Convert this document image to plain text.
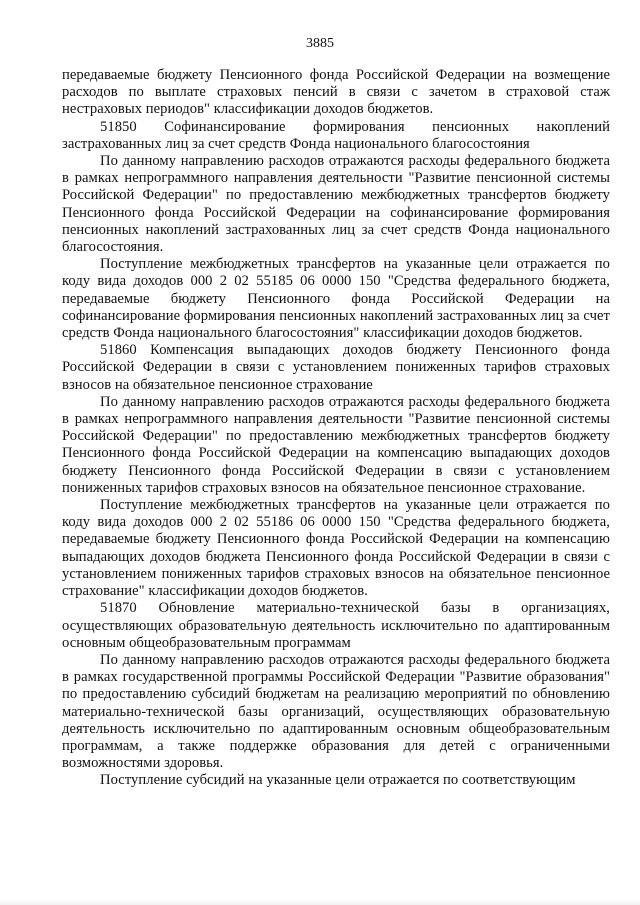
3885

передаваемые бюджету Пенсионного фонда Российской Федерации на возмещение расходов по выплате страховых пенсий в связи с зачетом в страховой стаж нестраховых периодов" классификации доходов бюджетов.

51850 Софинансирование формирования пенсионных накоплений застрахованных лиц за счет средств Фонда национального благосостояния

По данному направлению расходов отражаются расходы федерального бюджета в рамках непрограммного направления деятельности "Развитие пенсионной системы Российской Федерации" по предоставлению межбюджетных трансфертов бюджету Пенсионного фонда Российской Федерации на софинансирование формирования пенсионных накоплений застрахованных лиц за счет средств Фонда национального благосостояния.

Поступление межбюджетных трансфертов на указанные цели отражается по коду вида доходов 000 2 02 55185 06 0000 150 "Средства федерального бюджета, передаваемые бюджету Пенсионного фонда Российской Федерации на софинансирование формирования пенсионных накоплений застрахованных лиц за счет средств Фонда национального благосостояния" классификации доходов бюджетов.

51860 Компенсация выпадающих доходов бюджету Пенсионного фонда Российской Федерации в связи с установлением пониженных тарифов страховых взносов на обязательное пенсионное страхование

По данному направлению расходов отражаются расходы федерального бюджета в рамках непрограммного направления деятельности "Развитие пенсионной системы Российской Федерации" по предоставлению межбюджетных трансфертов бюджету Пенсионного фонда Российской Федерации на компенсацию выпадающих доходов бюджету Пенсионного фонда Российской Федерации в связи с установлением пониженных тарифов страховых взносов на обязательное пенсионное страхование.

Поступление межбюджетных трансфертов на указанные цели отражается по коду вида доходов 000 2 02 55186 06 0000 150 "Средства федерального бюджета, передаваемые бюджету Пенсионного фонда Российской Федерации на компенсацию выпадающих доходов бюджета Пенсионного фонда Российской Федерации в связи с установлением пониженных тарифов страховых взносов на обязательное пенсионное страхование" классификации доходов бюджетов.

51870 Обновление материально-технической базы в организациях, осуществляющих образовательную деятельность исключительно по адаптированным основным общеобразовательным программам

По данному направлению расходов отражаются расходы федерального бюджета в рамках государственной программы Российской Федерации "Развитие образования" по предоставлению субсидий бюджетам на реализацию мероприятий по обновлению материально-технической базы организаций, осуществляющих образовательную деятельность исключительно по адаптированным основным общеобразовательным программам, а также поддержке образования для детей с ограниченными возможностями здоровья.

Поступление субсидий на указанные цели отражается по соответствующим
